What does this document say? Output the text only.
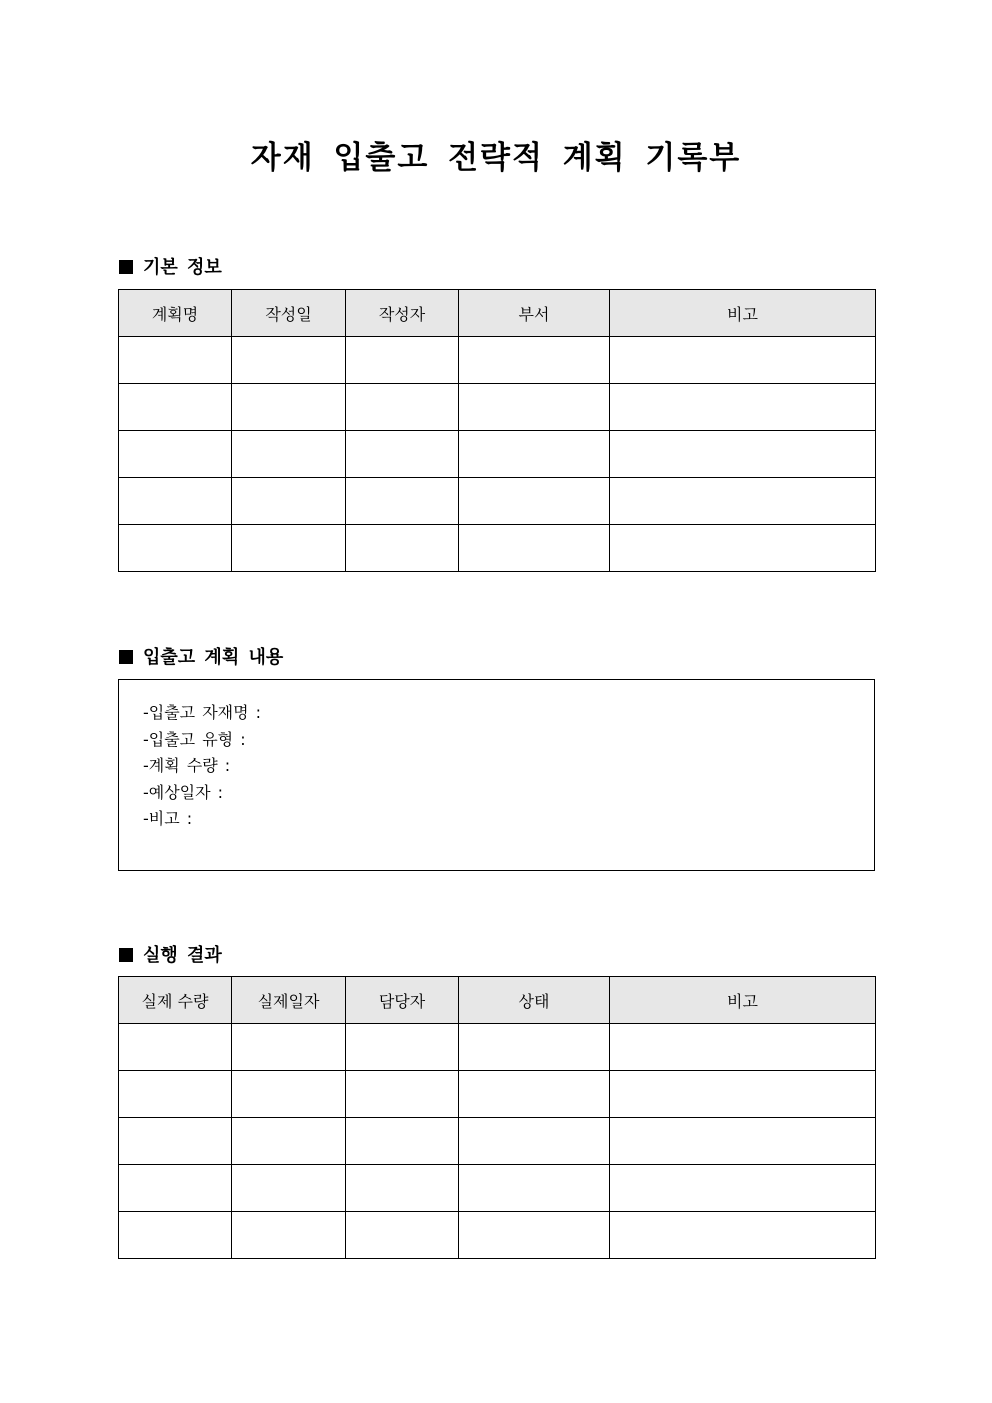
자재 입출고 전략적 계획 기록부
기본 정보
계획명	작성일	작성자	부서	비고

입출고 계획 내용
-입출고 자재명 :
-입출고 유형 :
-계획 수량 :
-예상일자 :
-비고 :
실행 결과
실제 수량	실제일자	담당자	상태	비고
